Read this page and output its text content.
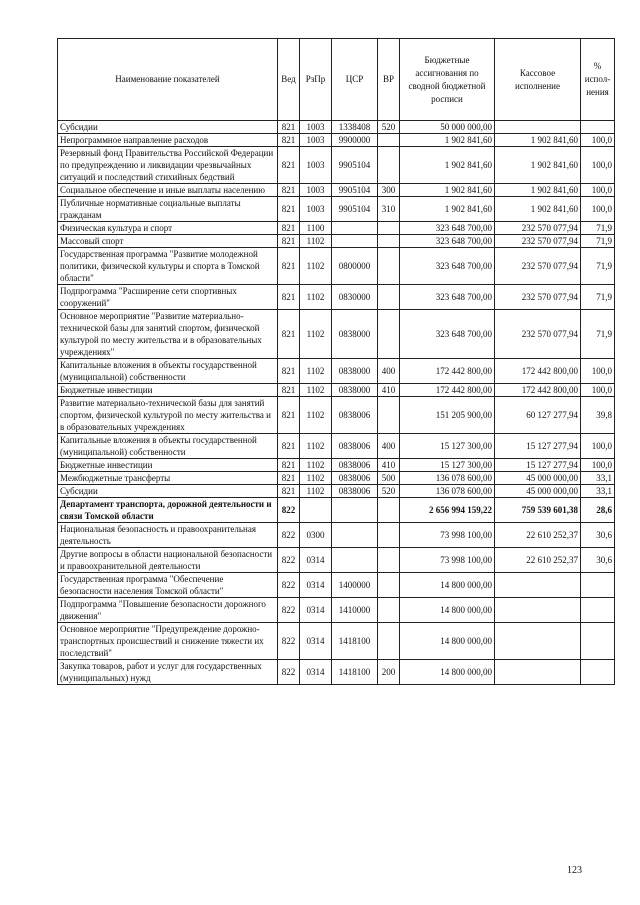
Наименование показателей	Вед	РзПр	ЦСР	ВР	Бюджетные ассигнования по сводной бюджетной росписи	Кассовое исполнение	% испол-нения
Субсидии	821	1003	1338408	520	50 000 000,00		
Непрограммное направление расходов	821	1003	9900000		1 902 841,60	1 902 841,60	100,0
Резервный фонд Правительства Российской Федерации по предупреждению и ликвидации чрезвычайных ситуаций и последствий стихийных бедствий	821	1003	9905104		1 902 841,60	1 902 841,60	100,0
Социальное обеспечение и иные выплаты населению	821	1003	9905104	300	1 902 841,60	1 902 841,60	100,0
Публичные нормативные социальные выплаты гражданам	821	1003	9905104	310	1 902 841,60	1 902 841,60	100,0
Физическая культура и спорт	821	1100			323 648 700,00	232 570 077,94	71,9
Массовый спорт	821	1102			323 648 700,00	232 570 077,94	71,9
Государственная программа "Развитие молодежной политики, физической культуры и спорта в Томской области"	821	1102	0800000		323 648 700,00	232 570 077,94	71,9
Подпрограмма "Расширение сети спортивных сооружений"	821	1102	0830000		323 648 700,00	232 570 077,94	71,9
Основное мероприятие "Развитие материально-технической базы для занятий спортом, физической культурой по месту жительства и в образовательных учреждениях"	821	1102	0838000		323 648 700,00	232 570 077,94	71,9
Капитальные вложения в объекты государственной (муниципальной) собственности	821	1102	0838000	400	172 442 800,00	172 442 800,00	100,0
Бюджетные инвестиции	821	1102	0838000	410	172 442 800,00	172 442 800,00	100,0
Развитие материально-технической базы для занятий спортом, физической культурой по месту жительства и в образовательных учреждениях	821	1102	0838006		151 205 900,00	60 127 277,94	39,8
Капитальные вложения в объекты государственной (муниципальной) собственности	821	1102	0838006	400	15 127 300,00	15 127 277,94	100,0
Бюджетные инвестиции	821	1102	0838006	410	15 127 300,00	15 127 277,94	100,0
Межбюджетные трансферты	821	1102	0838006	500	136 078 600,00	45 000 000,00	33,1
Субсидии	821	1102	0838006	520	136 078 600,00	45 000 000,00	33,1
Департамент транспорта, дорожной деятельности и связи Томской области	822				2 656 994 159,22	759 539 601,38	28,6
Национальная безопасность и правоохранительная деятельность	822	0300			73 998 100,00	22 610 252,37	30,6
Другие вопросы в области национальной безопасности и правоохранительной деятельности	822	0314			73 998 100,00	22 610 252,37	30,6
Государственная программа "Обеспечение безопасности населения Томской области"	822	0314	1400000		14 800 000,00		
Подпрограмма "Повышение безопасности дорожного движения"	822	0314	1410000		14 800 000,00		
Основное мероприятие "Предупреждение дорожно-транспортных происшествий и снижение тяжести их последствий"	822	0314	1418100		14 800 000,00		
Закупка товаров, работ и услуг для государственных (муниципальных) нужд	822	0314	1418100	200	14 800 000,00		
123
